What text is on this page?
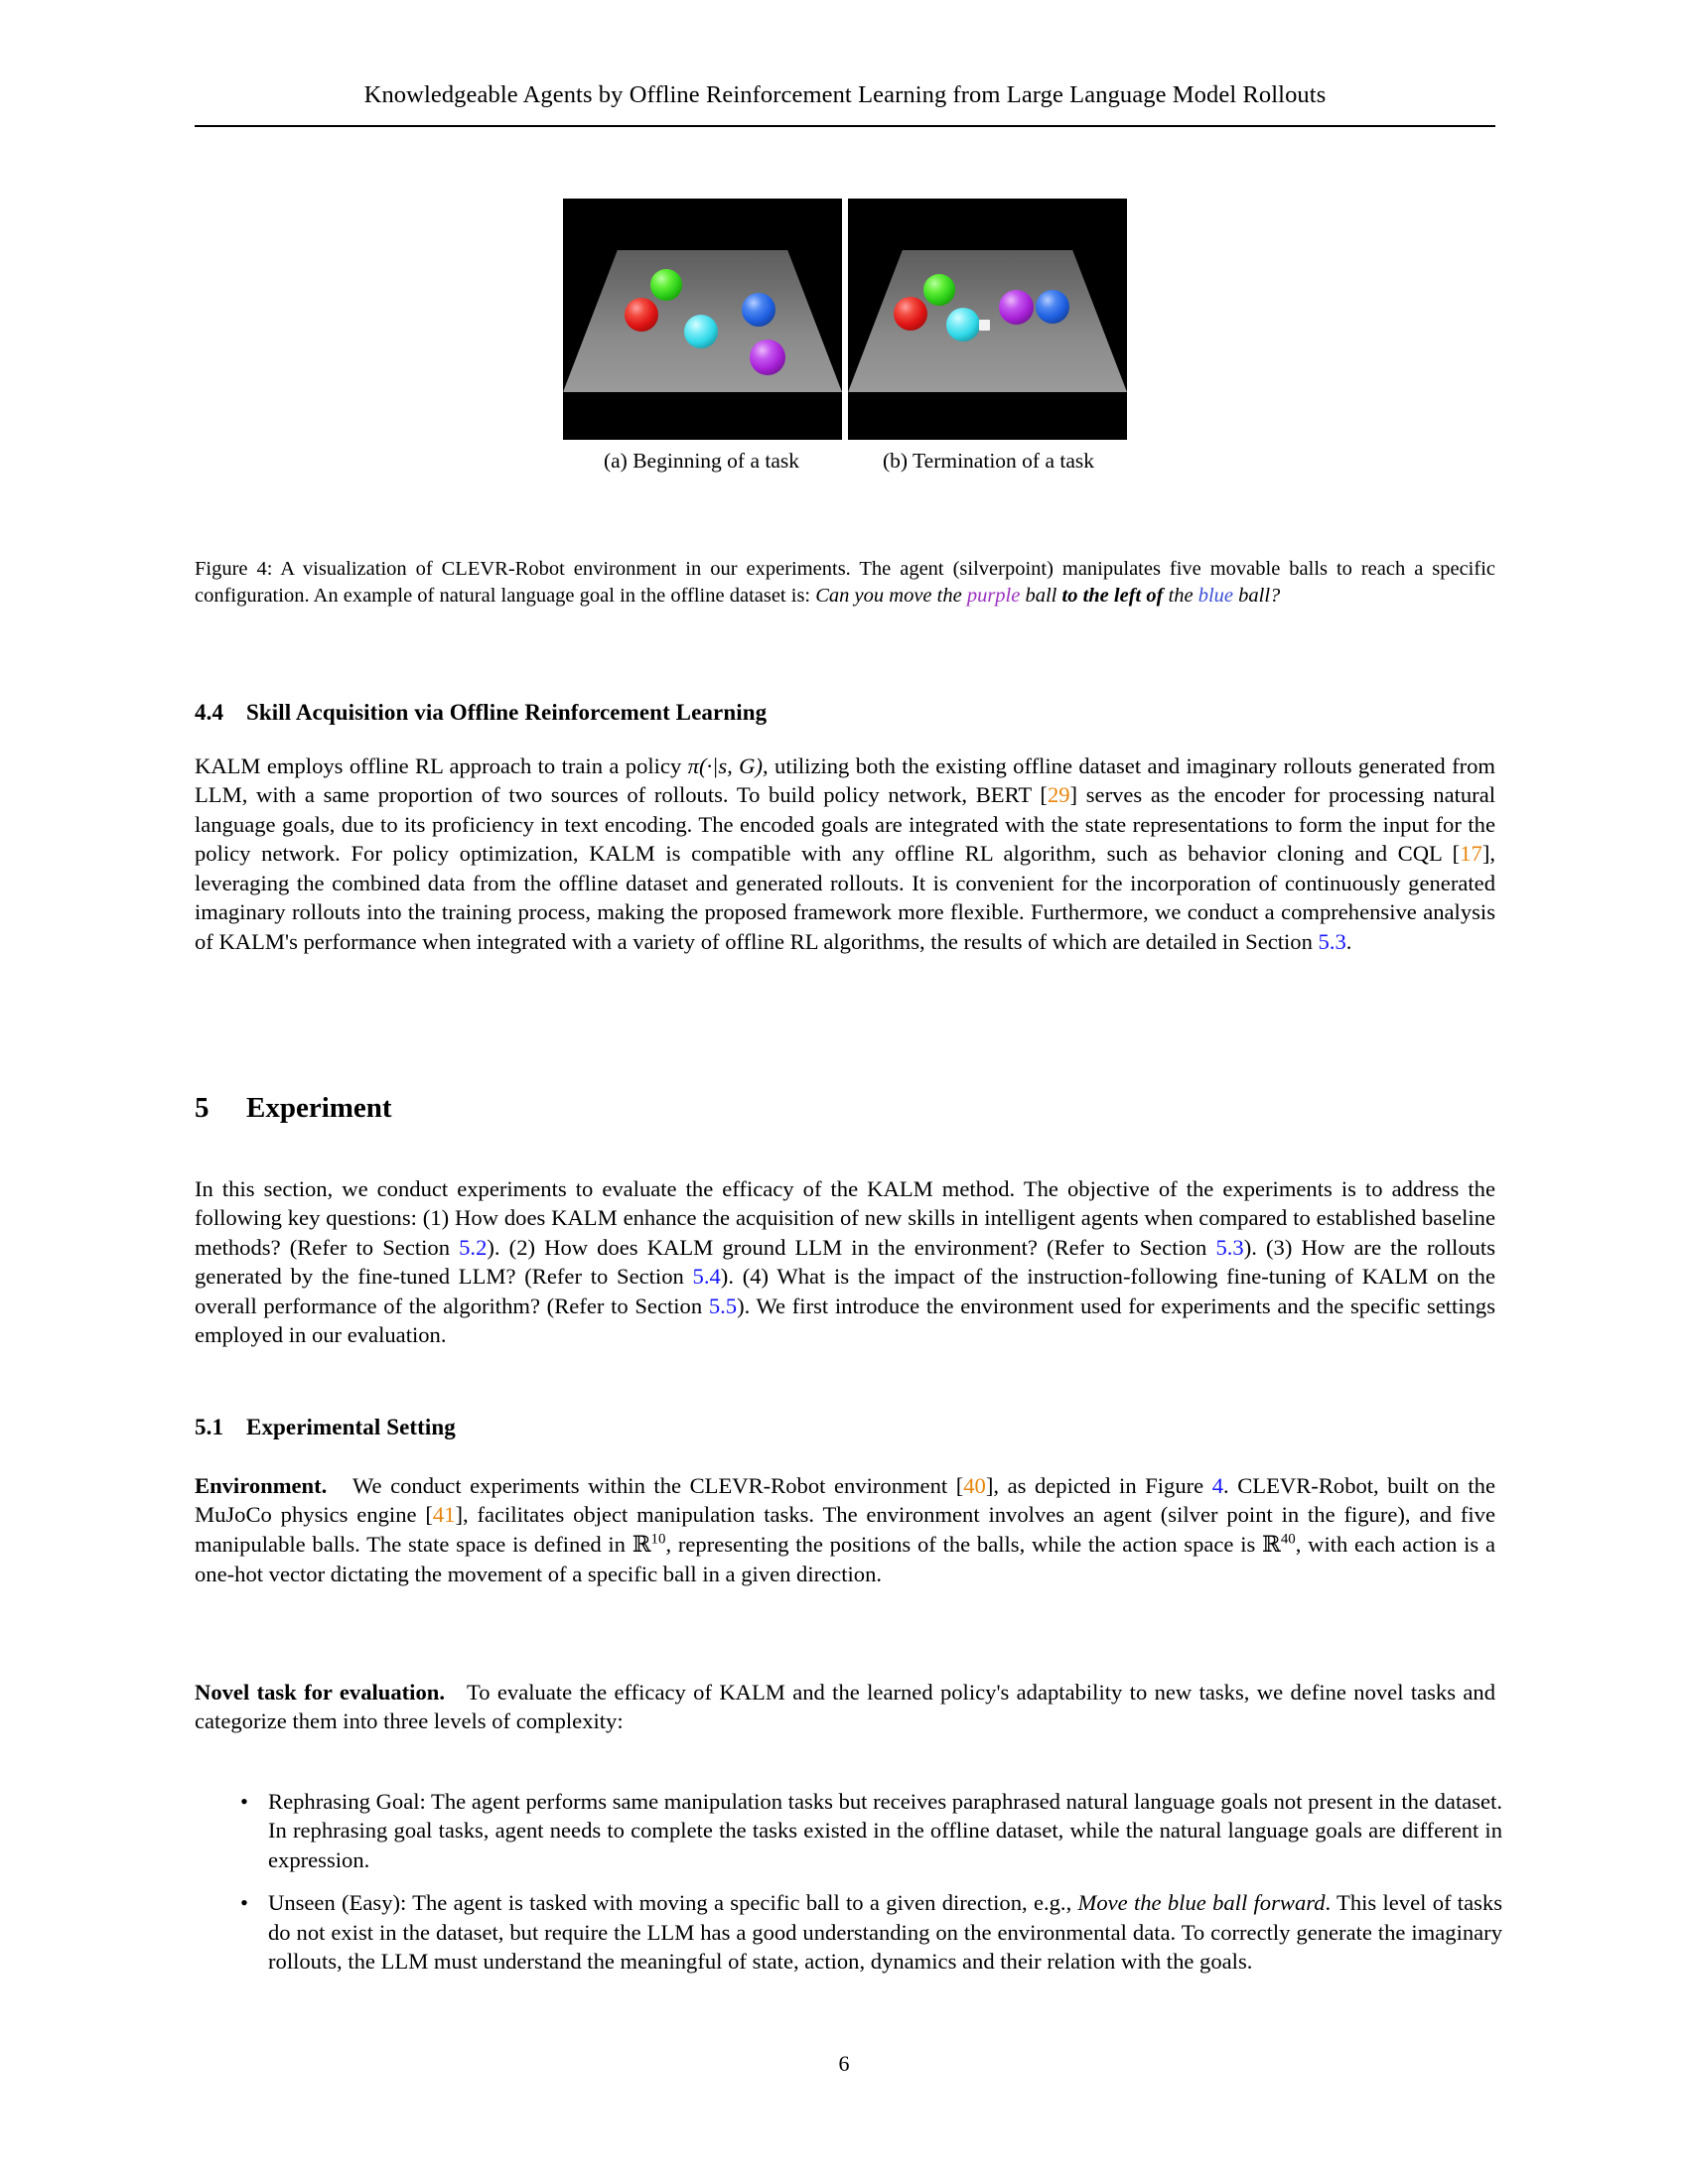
Knowledgeable Agents by Offline Reinforcement Learning from Large Language Model Rollouts
(a) Beginning of a task	(b) Termination of a task
Figure 4: A visualization of CLEVR-Robot environment in our experiments. The agent (silverpoint) manipulates five movable balls to reach a specific configuration. An example of natural language goal in the offline dataset is: Can you move the purple ball to the left of the blue ball?
4.4 Skill Acquisition via Offline Reinforcement Learning

KALM employs offline RL approach to train a policy π(·|s, G), utilizing both the existing offline dataset and imaginary rollouts generated from LLM, with a same proportion of two sources of rollouts. To build policy network, BERT [29] serves as the encoder for processing natural language goals, due to its proficiency in text encoding. The encoded goals are integrated with the state representations to form the input for the policy network. For policy optimization, KALM is compatible with any offline RL algorithm, such as behavior cloning and CQL [17], leveraging the combined data from the offline dataset and generated rollouts. It is convenient for the incorporation of continuously generated imaginary rollouts into the training process, making the proposed framework more flexible. Furthermore, we conduct a comprehensive analysis of KALM's performance when integrated with a variety of offline RL algorithms, the results of which are detailed in Section 5.3.

5 Experiment

In this section, we conduct experiments to evaluate the efficacy of the KALM method. The objective of the experiments is to address the following key questions: (1) How does KALM enhance the acquisition of new skills in intelligent agents when compared to established baseline methods? (Refer to Section 5.2). (2) How does KALM ground LLM in the environment? (Refer to Section 5.3). (3) How are the rollouts generated by the fine-tuned LLM? (Refer to Section 5.4). (4) What is the impact of the instruction-following fine-tuning of KALM on the overall performance of the algorithm? (Refer to Section 5.5). We first introduce the environment used for experiments and the specific settings employed in our evaluation.

5.1 Experimental Setting

Environment. We conduct experiments within the CLEVR-Robot environment [40], as depicted in Figure 4. CLEVR-Robot, built on the MuJoCo physics engine [41], facilitates object manipulation tasks. The environment involves an agent (silver point in the figure), and five manipulable balls. The state space is defined in ℝ$^{10}$, representing the positions of the balls, while the action space is ℝ$^{40}$, with each action is a one-hot vector dictating the movement of a specific ball in a given direction.

Novel task for evaluation. To evaluate the efficacy of KALM and the learned policy's adaptability to new tasks, we define novel tasks and categorize them into three levels of complexity:

• Rephrasing Goal: The agent performs same manipulation tasks but receives paraphrased natural language goals not present in the dataset. In rephrasing goal tasks, agent needs to complete the tasks existed in the offline dataset, while the natural language goals are different in expression.
• Unseen (Easy): The agent is tasked with moving a specific ball to a given direction, e.g., Move the blue ball forward. This level of tasks do not exist in the dataset, but require the LLM has a good understanding on the environmental data. To correctly generate the imaginary rollouts, the LLM must understand the meaningful of state, action, dynamics and their relation with the goals.
6
